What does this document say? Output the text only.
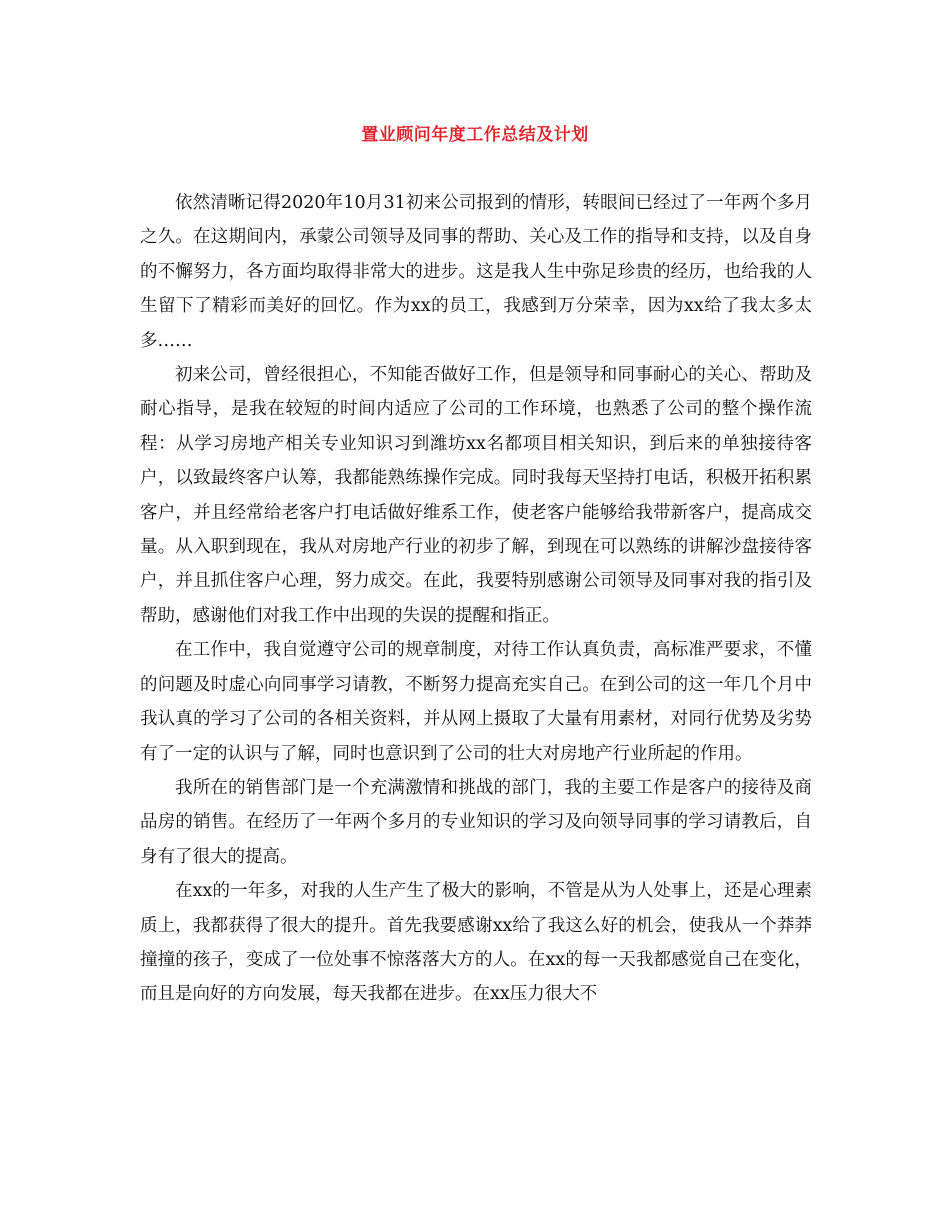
置业顾问年度工作总结及计划

依然清晰记得2020年10月31初来公司报到的情形，转眼间已经过了一年两个多月之久。在这期间内，承蒙公司领导及同事的帮助、关心及工作的指导和支持，以及自身的不懈努力，各方面均取得非常大的进步。这是我人生中弥足珍贵的经历，也给我的人生留下了精彩而美好的回忆。作为xx的员工，我感到万分荣幸，因为xx给了我太多太多……

初来公司，曾经很担心，不知能否做好工作，但是领导和同事耐心的关心、帮助及耐心指导，是我在较短的时间内适应了公司的工作环境，也熟悉了公司的整个操作流程：从学习房地产相关专业知识习到潍坊xx名都项目相关知识，到后来的单独接待客户，以致最终客户认筹，我都能熟练操作完成。同时我每天坚持打电话，积极开拓积累客户，并且经常给老客户打电话做好维系工作，使老客户能够给我带新客户，提高成交量。从入职到现在，我从对房地产行业的初步了解，到现在可以熟练的讲解沙盘接待客户，并且抓住客户心理，努力成交。在此，我要特别感谢公司领导及同事对我的指引及帮助，感谢他们对我工作中出现的失误的提醒和指正。

在工作中，我自觉遵守公司的规章制度，对待工作认真负责，高标准严要求，不懂的问题及时虚心向同事学习请教，不断努力提高充实自己。在到公司的这一年几个月中我认真的学习了公司的各相关资料，并从网上摄取了大量有用素材，对同行优势及劣势有了一定的认识与了解，同时也意识到了公司的壮大对房地产行业所起的作用。

我所在的销售部门是一个充满激情和挑战的部门，我的主要工作是客户的接待及商品房的销售。在经历了一年两个多月的专业知识的学习及向领导同事的学习请教后，自身有了很大的提高。

在xx的一年多，对我的人生产生了极大的影响，不管是从为人处事上，还是心理素质上，我都获得了很大的提升。首先我要感谢xx给了我这么好的机会，使我从一个莽莽撞撞的孩子，变成了一位处事不惊落落大方的人。在xx的每一天我都感觉自己在变化，而且是向好的方向发展，每天我都在进步。在xx压力很大不
